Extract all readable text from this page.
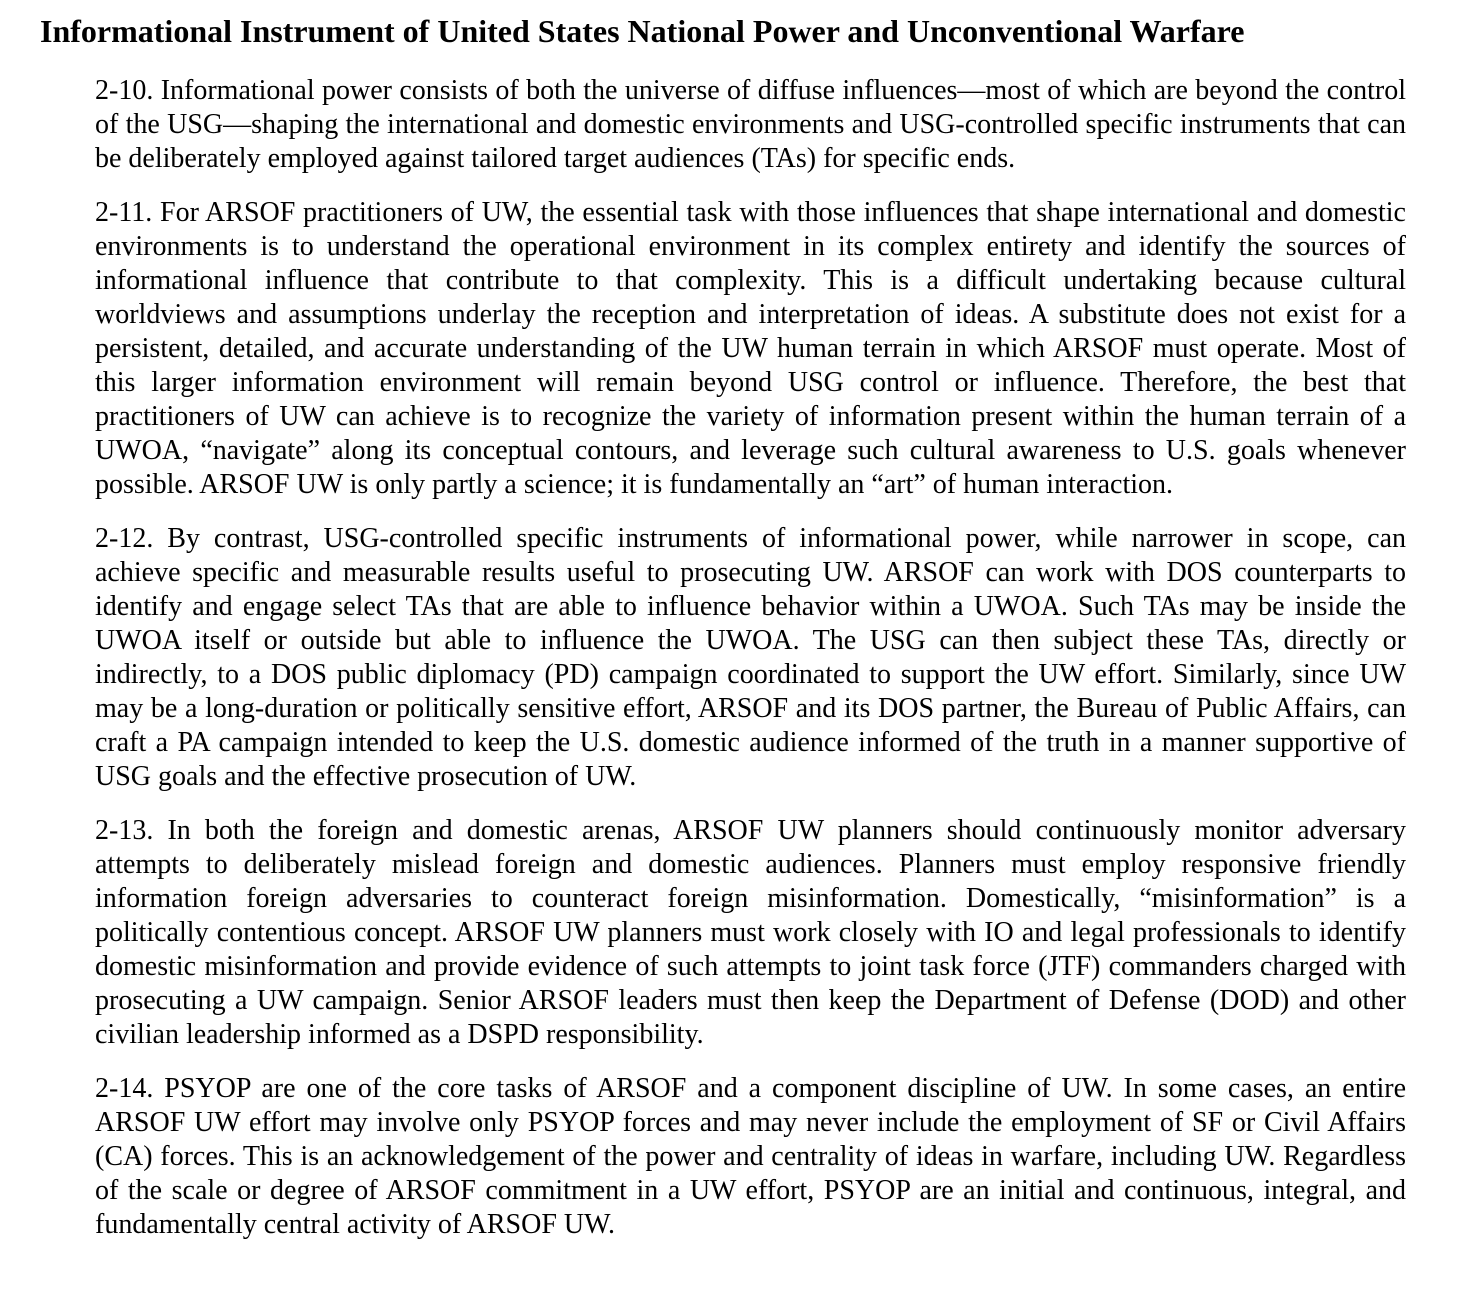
Informational Instrument of United States National Power and Unconventional Warfare

2-10. Informational power consists of both the universe of diffuse influences—most of which are beyond the control of the USG—shaping the international and domestic environments and USG-controlled specific instruments that can be deliberately employed against tailored target audiences (TAs) for specific ends.

2-11. For ARSOF practitioners of UW, the essential task with those influences that shape international and domestic environments is to understand the operational environment in its complex entirety and identify the sources of informational influence that contribute to that complexity. This is a difficult undertaking because cultural worldviews and assumptions underlay the reception and interpretation of ideas. A substitute does not exist for a persistent, detailed, and accurate understanding of the UW human terrain in which ARSOF must operate. Most of this larger information environment will remain beyond USG control or influence. Therefore, the best that practitioners of UW can achieve is to recognize the variety of information present within the human terrain of a UWOA, “navigate” along its conceptual contours, and leverage such cultural awareness to U.S. goals whenever possible. ARSOF UW is only partly a science; it is fundamentally an “art” of human interaction.

2-12. By contrast, USG-controlled specific instruments of informational power, while narrower in scope, can achieve specific and measurable results useful to prosecuting UW. ARSOF can work with DOS counterparts to identify and engage select TAs that are able to influence behavior within a UWOA. Such TAs may be inside the UWOA itself or outside but able to influence the UWOA. The USG can then subject these TAs, directly or indirectly, to a DOS public diplomacy (PD) campaign coordinated to support the UW effort. Similarly, since UW may be a long-duration or politically sensitive effort, ARSOF and its DOS partner, the Bureau of Public Affairs, can craft a PA campaign intended to keep the U.S. domestic audience informed of the truth in a manner supportive of USG goals and the effective prosecution of UW.

2-13. In both the foreign and domestic arenas, ARSOF UW planners should continuously monitor adversary attempts to deliberately mislead foreign and domestic audiences. Planners must employ responsive friendly information foreign adversaries to counteract foreign misinformation. Domestically, “misinformation” is a politically contentious concept. ARSOF UW planners must work closely with IO and legal professionals to identify domestic misinformation and provide evidence of such attempts to joint task force (JTF) commanders charged with prosecuting a UW campaign. Senior ARSOF leaders must then keep the Department of Defense (DOD) and other civilian leadership informed as a DSPD responsibility.

2-14. PSYOP are one of the core tasks of ARSOF and a component discipline of UW. In some cases, an entire ARSOF UW effort may involve only PSYOP forces and may never include the employment of SF or Civil Affairs (CA) forces. This is an acknowledgement of the power and centrality of ideas in warfare, including UW. Regardless of the scale or degree of ARSOF commitment in a UW effort, PSYOP are an initial and continuous, integral, and fundamentally central activity of ARSOF UW.
